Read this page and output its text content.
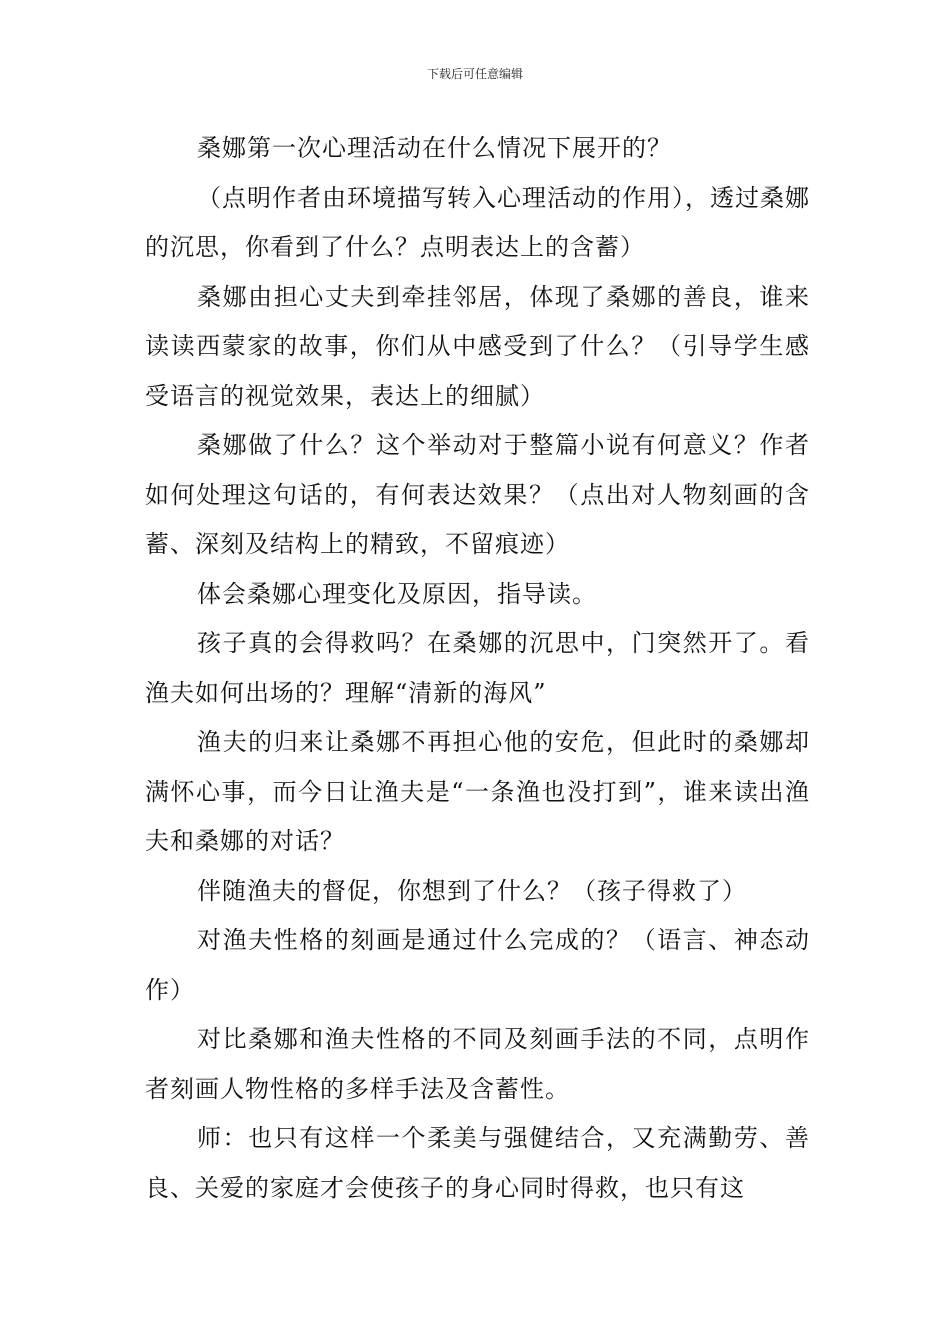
下载后可任意编辑

桑娜第一次心理活动在什么情况下展开的？

（点明作者由环境描写转入心理活动的作用），透过桑娜的沉思，你看到了什么？点明表达上的含蓄）

桑娜由担心丈夫到牵挂邻居，体现了桑娜的善良，谁来读读西蒙家的故事，你们从中感受到了什么？（引导学生感受语言的视觉效果，表达上的细腻）

桑娜做了什么？这个举动对于整篇小说有何意义？作者如何处理这句话的，有何表达效果？（点出对人物刻画的含蓄、深刻及结构上的精致，不留痕迹）

体会桑娜心理变化及原因，指导读。

孩子真的会得救吗？在桑娜的沉思中，门突然开了。看渔夫如何出场的？理解“清新的海风”

渔夫的归来让桑娜不再担心他的安危，但此时的桑娜却满怀心事，而今日让渔夫是“一条渔也没打到”，谁来读出渔夫和桑娜的对话？

伴随渔夫的督促，你想到了什么？（孩子得救了）

对渔夫性格的刻画是通过什么完成的？（语言、神态动作）

对比桑娜和渔夫性格的不同及刻画手法的不同，点明作者刻画人物性格的多样手法及含蓄性。

师：也只有这样一个柔美与强健结合，又充满勤劳、善良、关爱的家庭才会使孩子的身心同时得救，也只有这
